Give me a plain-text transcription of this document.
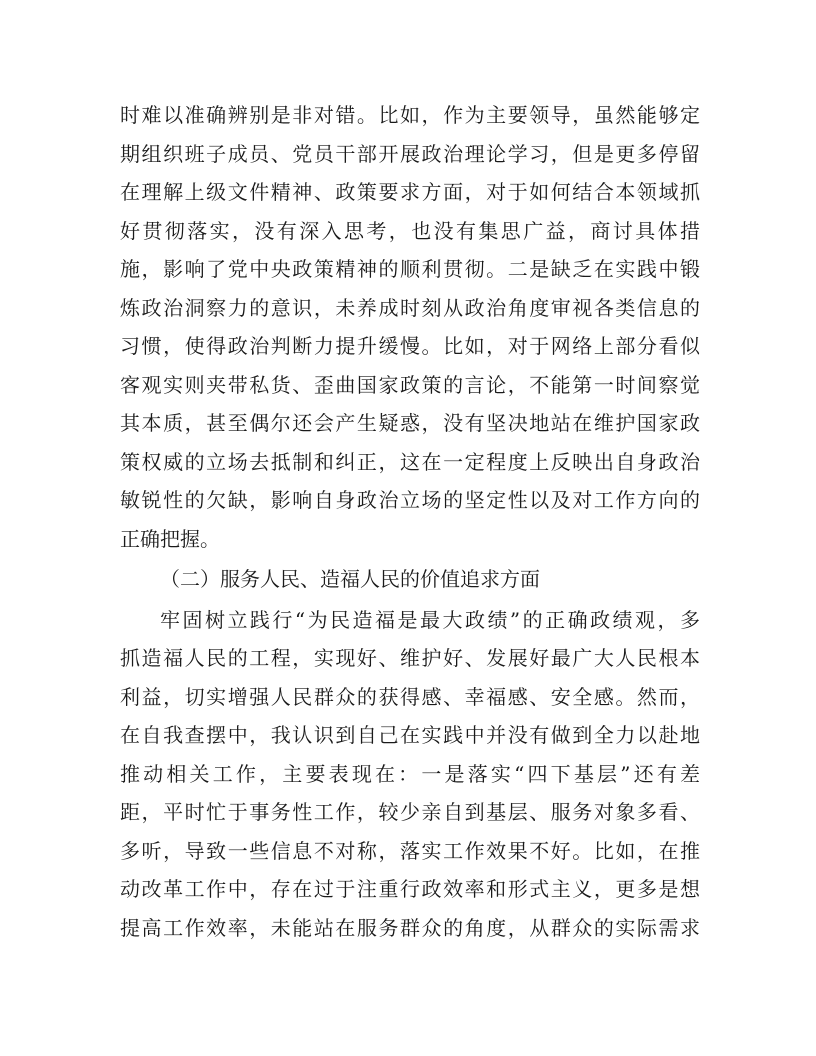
时难以准确辨别是非对错。比如，作为主要领导，虽然能够定
期组织班子成员、党员干部开展政治理论学习，但是更多停留
在理解上级文件精神、政策要求方面，对于如何结合本领域抓
好贯彻落实，没有深入思考，也没有集思广益，商讨具体措
施，影响了党中央政策精神的顺利贯彻。二是缺乏在实践中锻
炼政治洞察力的意识，未养成时刻从政治角度审视各类信息的
习惯，使得政治判断力提升缓慢。比如，对于网络上部分看似
客观实则夹带私货、歪曲国家政策的言论，不能第一时间察觉
其本质，甚至偶尔还会产生疑惑，没有坚决地站在维护国家政
策权威的立场去抵制和纠正，这在一定程度上反映出自身政治
敏锐性的欠缺，影响自身政治立场的坚定性以及对工作方向的
正确把握。
（二）服务人民、造福人民的价值追求方面
牢固树立践行“为民造福是最大政绩”的正确政绩观，多
抓造福人民的工程，实现好、维护好、发展好最广大人民根本
利益，切实增强人民群众的获得感、幸福感、安全感。然而，
在自我查摆中，我认识到自己在实践中并没有做到全力以赴地
推动相关工作，主要表现在：一是落实“四下基层”还有差
距，平时忙于事务性工作，较少亲自到基层、服务对象多看、
多听，导致一些信息不对称，落实工作效果不好。比如，在推
动改革工作中，存在过于注重行政效率和形式主义，更多是想
提高工作效率，未能站在服务群众的角度，从群众的实际需求
